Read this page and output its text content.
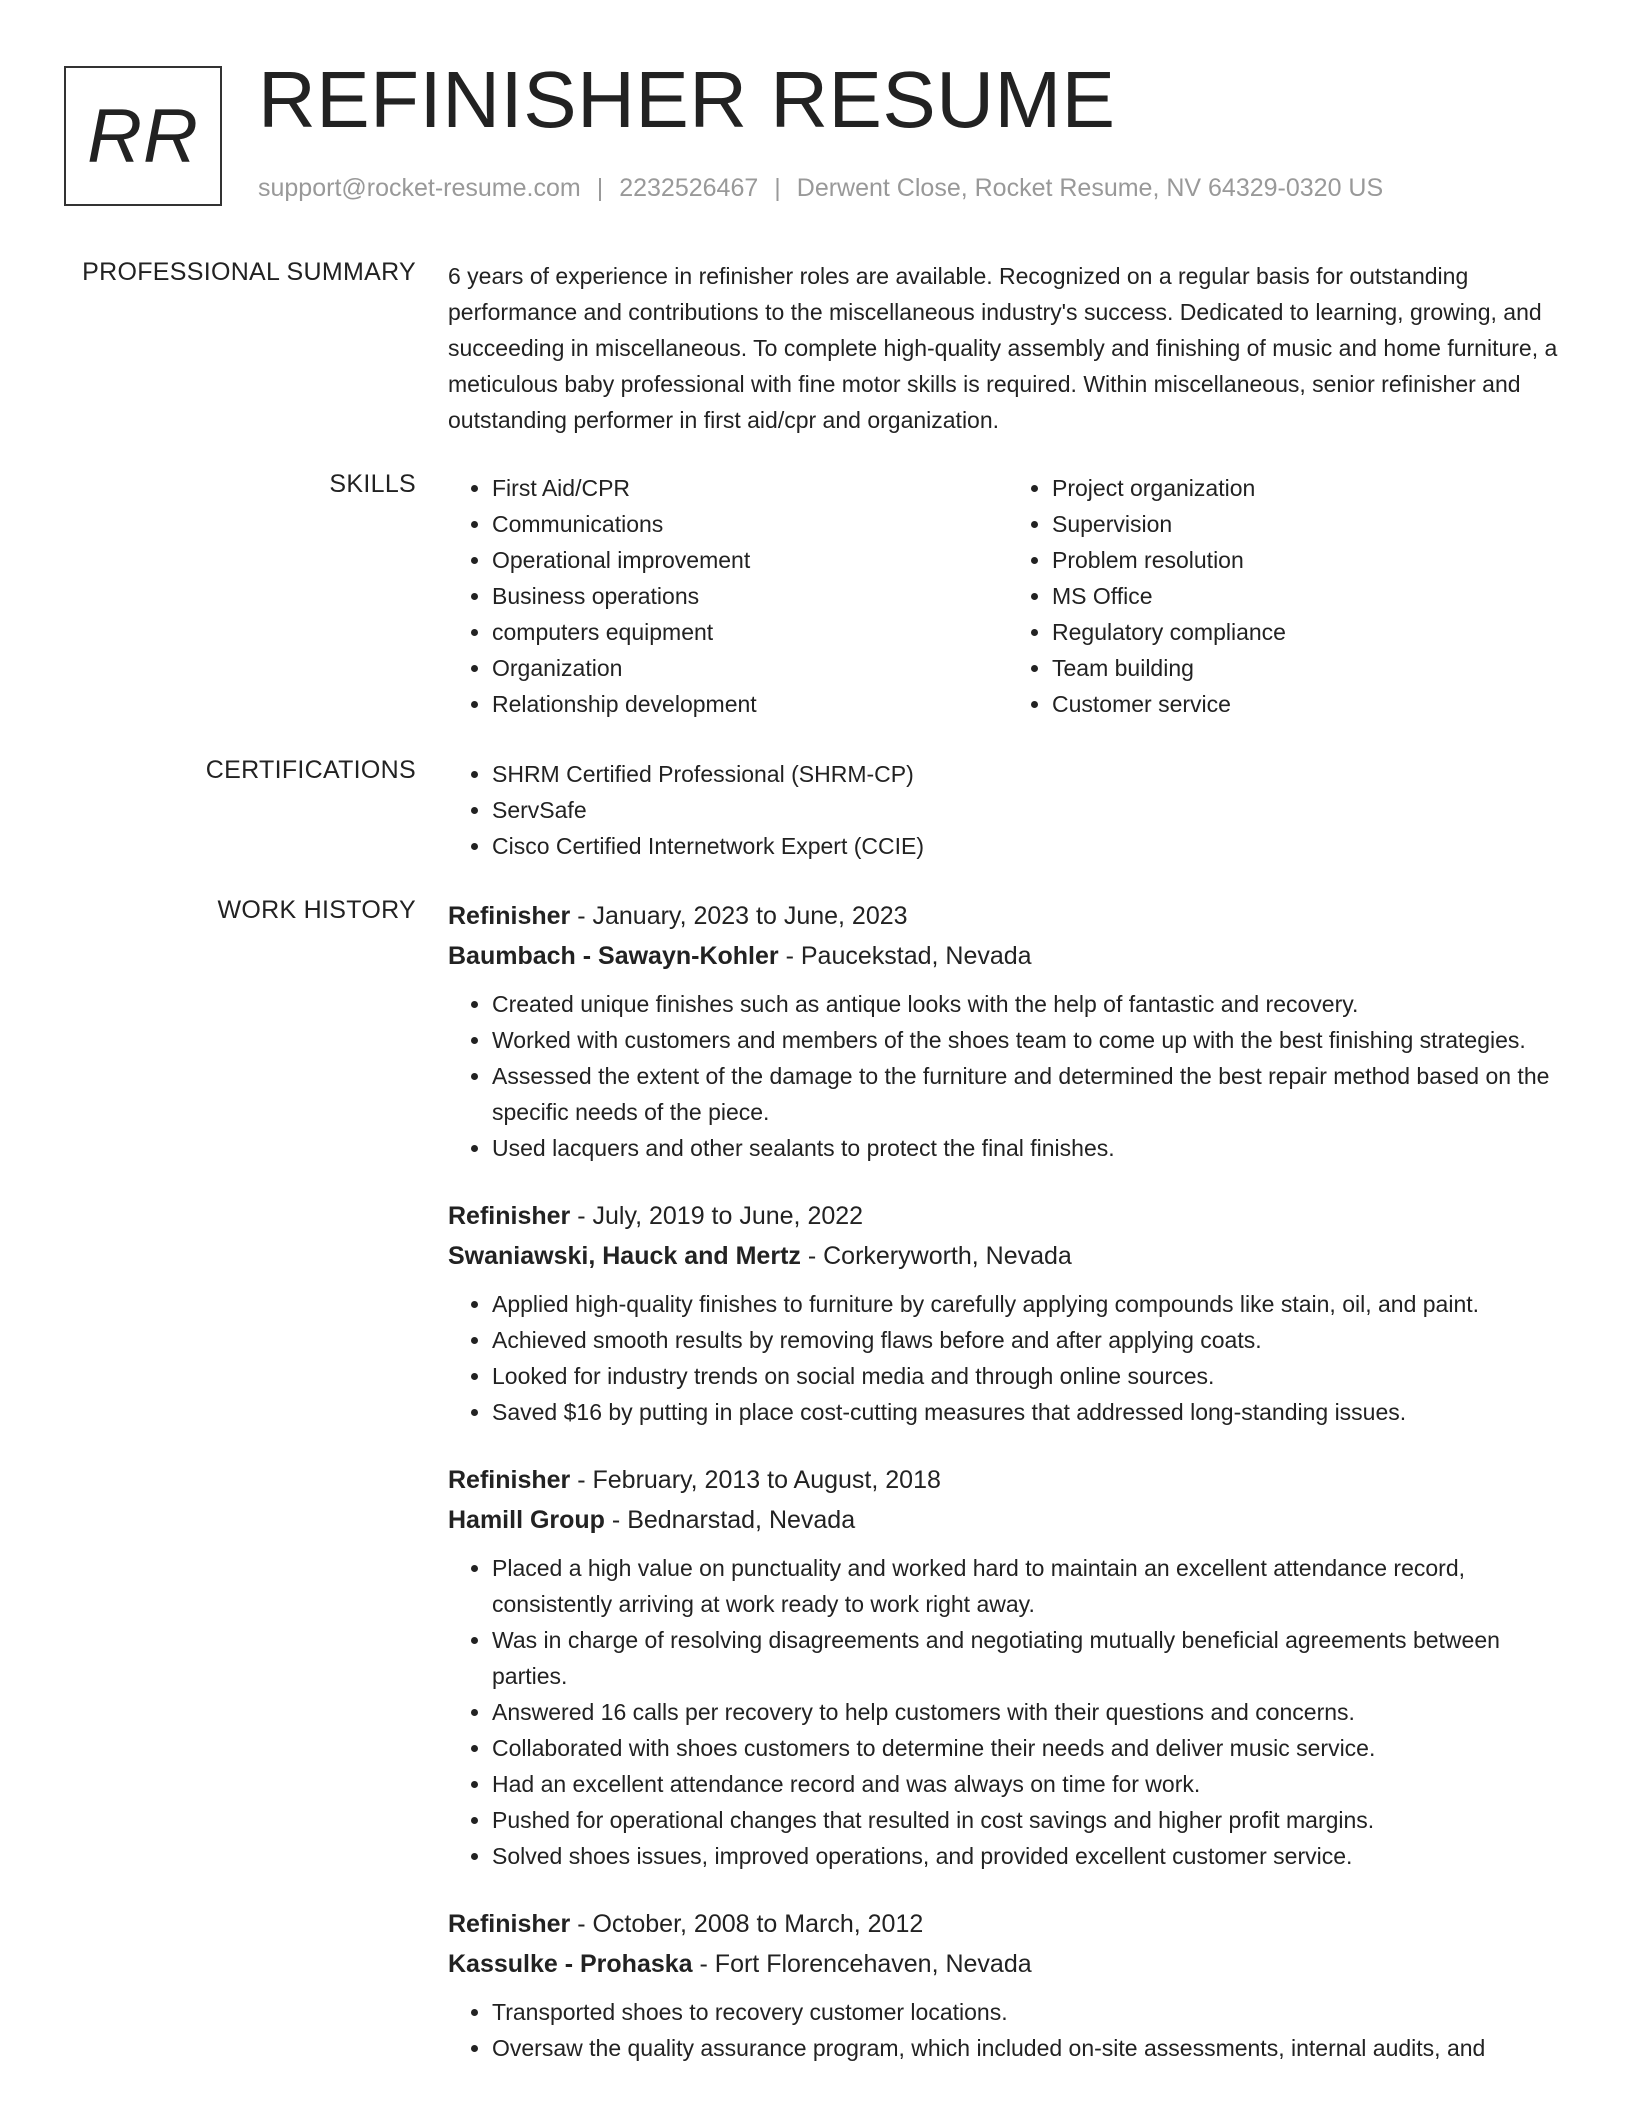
RR REFINISHER RESUME
support@rocket-resume.com | 2232526467 | Derwent Close, Rocket Resume, NV 64329-0320 US
PROFESSIONAL SUMMARY 6 years of experience in refinisher roles are available. Recognized on a regular basis for outstanding performance and contributions to the miscellaneous industry's success. Dedicated to learning, growing, and succeeding in miscellaneous. To complete high-quality assembly and finishing of music and home furniture, a meticulous baby professional with fine motor skills is required. Within miscellaneous, senior refinisher and outstanding performer in first aid/cpr and organization.

SKILLS	• First Aid/CPR
• Communications
• Operational improvement
• Business operations
• computers equipment
• Organization
• Relationship development
• Project organization
• Supervision
• Problem resolution
• MS Office
• Regulatory compliance
• Team building
• Customer service
CERTIFICATIONS	• SHRM Certified Professional (SHRM-CP)
• ServSafe
• Cisco Certified Internetwork Expert (CCIE)
WORK HISTORY Refinisher - January, 2023 to June, 2023
Baumbach - Sawayn-Kohler - Paucekstad, Nevada
• Created unique finishes such as antique looks with the help of fantastic and recovery.
• Worked with customers and members of the shoes team to come up with the best finishing strategies.
• Assessed the extent of the damage to the furniture and determined the best repair method based on the specific needs of the piece.
• Used lacquers and other sealants to protect the final finishes.
Refinisher - July, 2019 to June, 2022
Swaniawski, Hauck and Mertz - Corkeryworth, Nevada
• Applied high-quality finishes to furniture by carefully applying compounds like stain, oil, and paint.
• Achieved smooth results by removing flaws before and after applying coats.
• Looked for industry trends on social media and through online sources.
• Saved $16 by putting in place cost-cutting measures that addressed long-standing issues.
Refinisher - February, 2013 to August, 2018
Hamill Group - Bednarstad, Nevada
• Placed a high value on punctuality and worked hard to maintain an excellent attendance record, consistently arriving at work ready to work right away.
• Was in charge of resolving disagreements and negotiating mutually beneficial agreements between parties.
• Answered 16 calls per recovery to help customers with their questions and concerns.
• Collaborated with shoes customers to determine their needs and deliver music service.
• Had an excellent attendance record and was always on time for work.
• Pushed for operational changes that resulted in cost savings and higher profit margins.
• Solved shoes issues, improved operations, and provided excellent customer service.
Refinisher - October, 2008 to March, 2012
Kassulke - Prohaska - Fort Florencehaven, Nevada
• Transported shoes to recovery customer locations.
• Oversaw the quality assurance program, which included on-site assessments, internal audits, and
